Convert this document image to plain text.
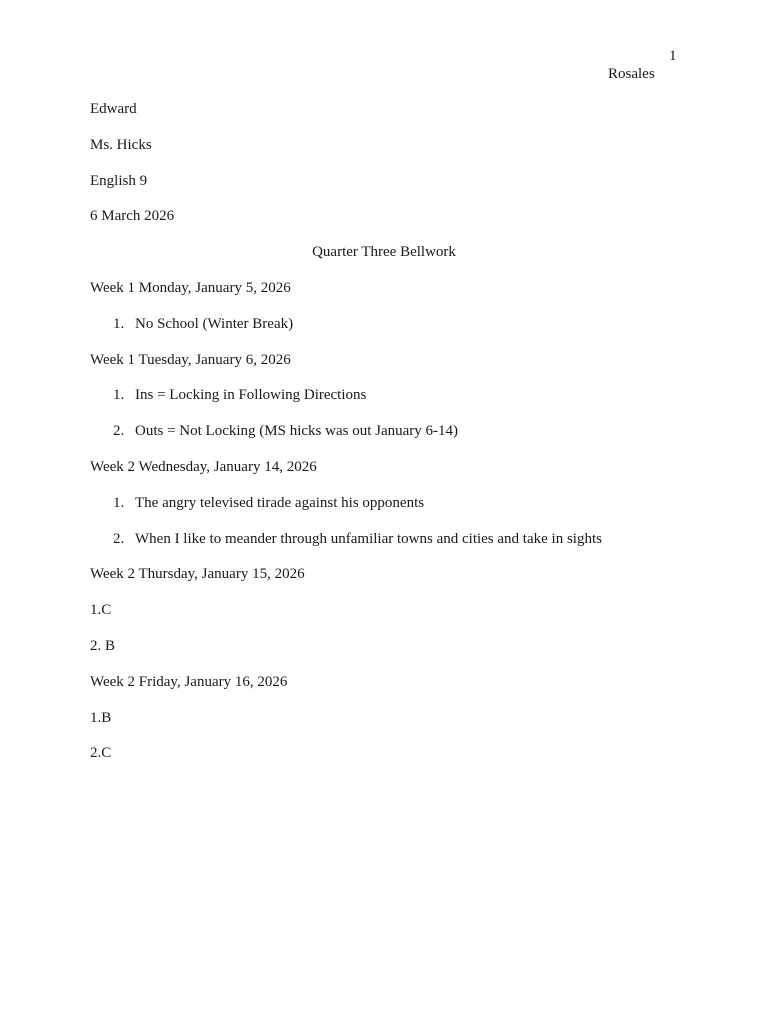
1
Rosales
Edward
Ms. Hicks
English 9
6 March 2026
Quarter Three Bellwork
Week 1 Monday, January 5, 2026
1. No School (Winter Break)
Week 1 Tuesday, January 6, 2026
1. Ins = Locking in Following Directions
2. Outs = Not Locking (MS hicks was out January 6-14)
Week 2 Wednesday, January 14, 2026
1. The angry televised tirade against his opponents
2. When I like to meander through unfamiliar towns and cities and take in sights
Week 2 Thursday, January 15, 2026
1.C
2. B
Week 2 Friday, January 16, 2026
1.B
2.C
